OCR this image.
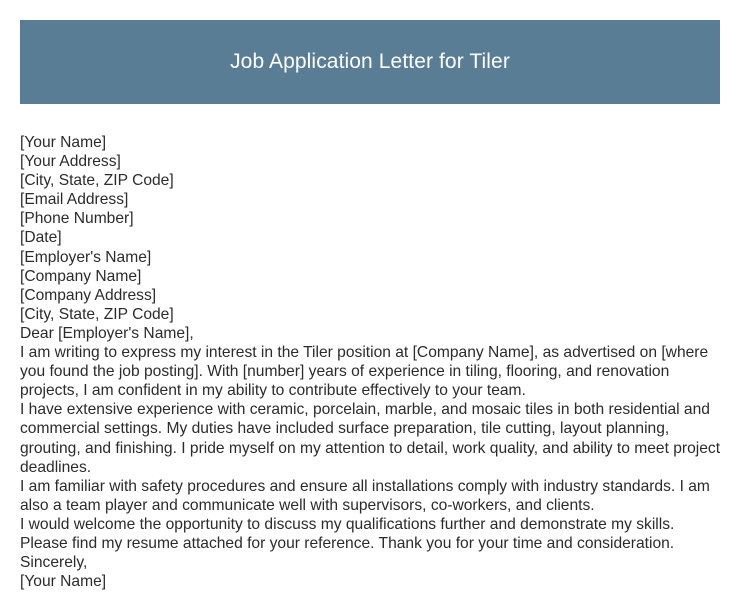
Job Application Letter for Tiler

[Your Name]

[Your Address]

[City, State, ZIP Code]

[Email Address]

[Phone Number]

[Date]

[Employer's Name]

[Company Name]

[Company Address]

[City, State, ZIP Code]

Dear [Employer's Name],

I am writing to express my interest in the Tiler position at [Company Name], as advertised on [where you found the job posting]. With [number] years of experience in tiling, flooring, and renovation projects, I am confident in my ability to contribute effectively to your team.

I have extensive experience with ceramic, porcelain, marble, and mosaic tiles in both residential and commercial settings. My duties have included surface preparation, tile cutting, layout planning, grouting, and finishing. I pride myself on my attention to detail, work quality, and ability to meet project deadlines.

I am familiar with safety procedures and ensure all installations comply with industry standards. I am also a team player and communicate well with supervisors, co-workers, and clients.

I would welcome the opportunity to discuss my qualifications further and demonstrate my skills. Please find my resume attached for your reference. Thank you for your time and consideration.

Sincerely,

[Your Name]
